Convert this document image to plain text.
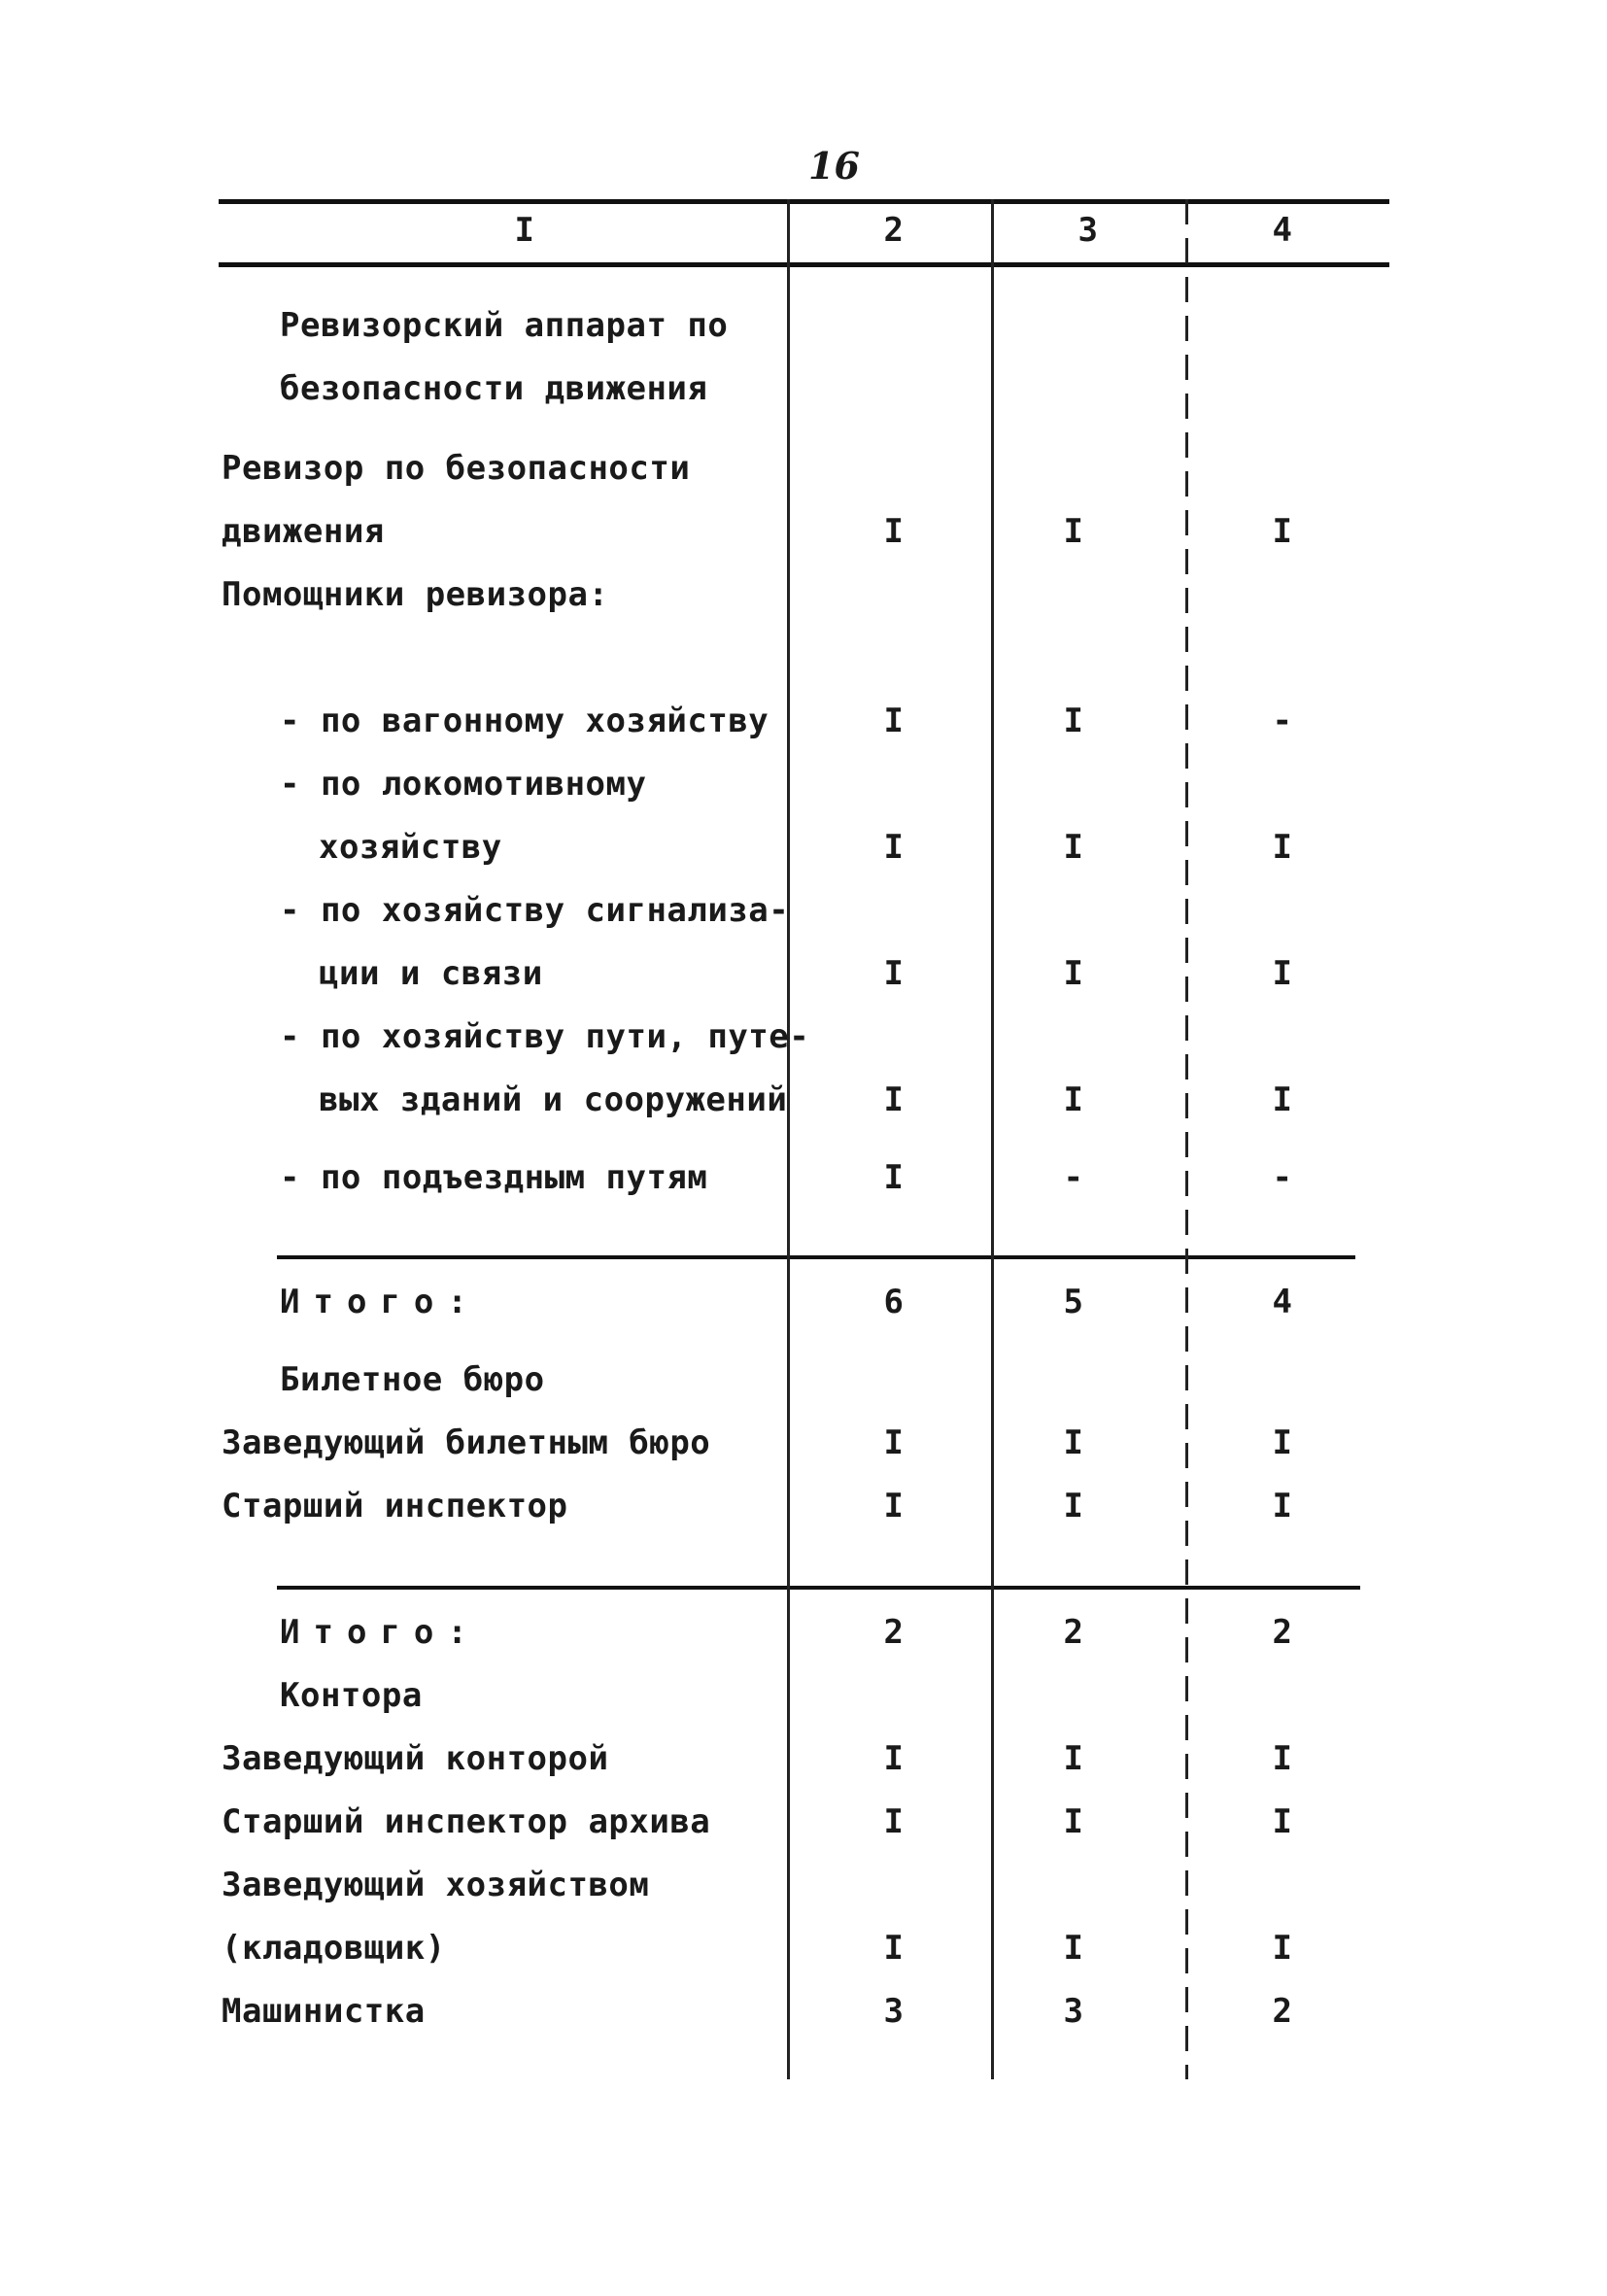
16
I	2	3	4
Ревизорский аппарат по
безопасности движения
Ревизор по безопасности
движения	I	I	I
Помощники ревизора:
- по вагонному хозяйству	I	I	-
- по локомотивному
хозяйству	I	I	I
- по хозяйству сигнализа-
ции и связи	I	I	I
- по хозяйству пути, путе-
вых зданий и сооружений	I	I	I
- по подъездным путям	I	-	-
Итого:	6	5	4
Билетное бюро
Заведующий билетным бюро	I	I	I
Старший инспектор	I	I	I
Итого:	2	2	2
Контора
Заведующий конторой	I	I	I
Старший инспектор архива	I	I	I
Заведующий хозяйством
(кладовщик)	I	I	I
Машинистка	3	3	2
